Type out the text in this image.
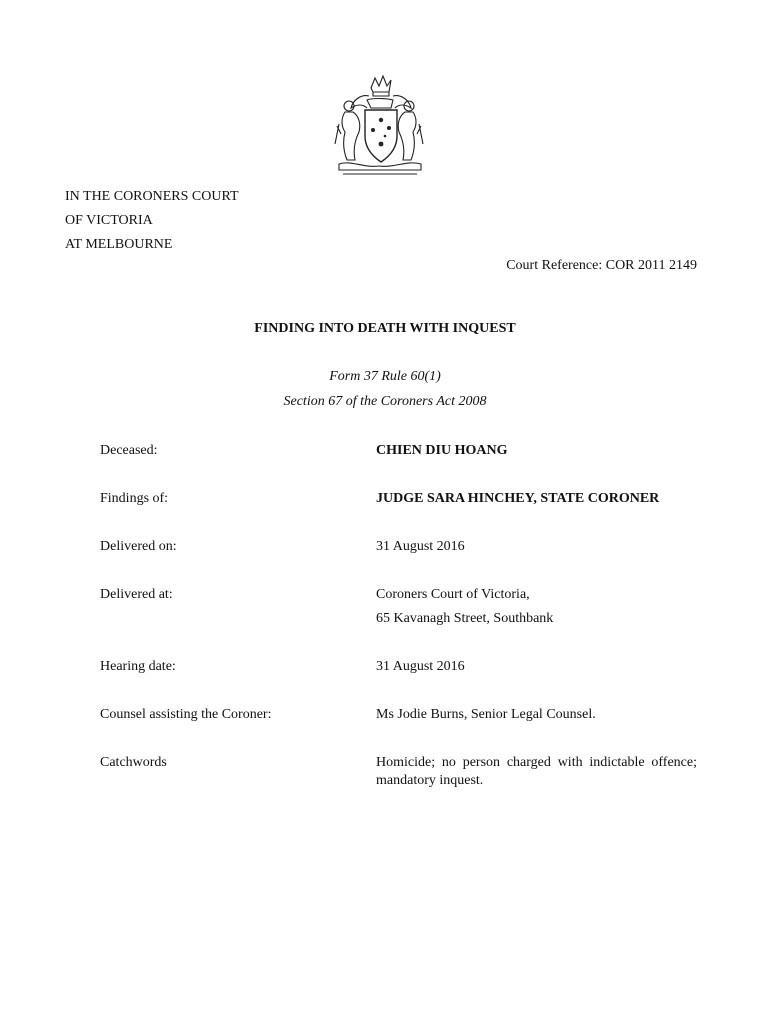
IN THE CORONERS COURT
OF VICTORIA
AT MELBOURNE
Court Reference: COR 2011 2149
FINDING INTO DEATH WITH INQUEST
Form 37 Rule 60(1)
Section 67 of the Coroners Act 2008
Deceased:	CHIEN DIU HOANG
Findings of:	JUDGE SARA HINCHEY, STATE CORONER
Delivered on:	31 August 2016
Delivered at:	Coroners Court of Victoria,
65 Kavanagh Street, Southbank
Hearing date:	31 August 2016
Counsel assisting the Coroner:	Ms Jodie Burns, Senior Legal Counsel.
Catchwords	Homicide; no person charged with indictable offence; mandatory inquest.
